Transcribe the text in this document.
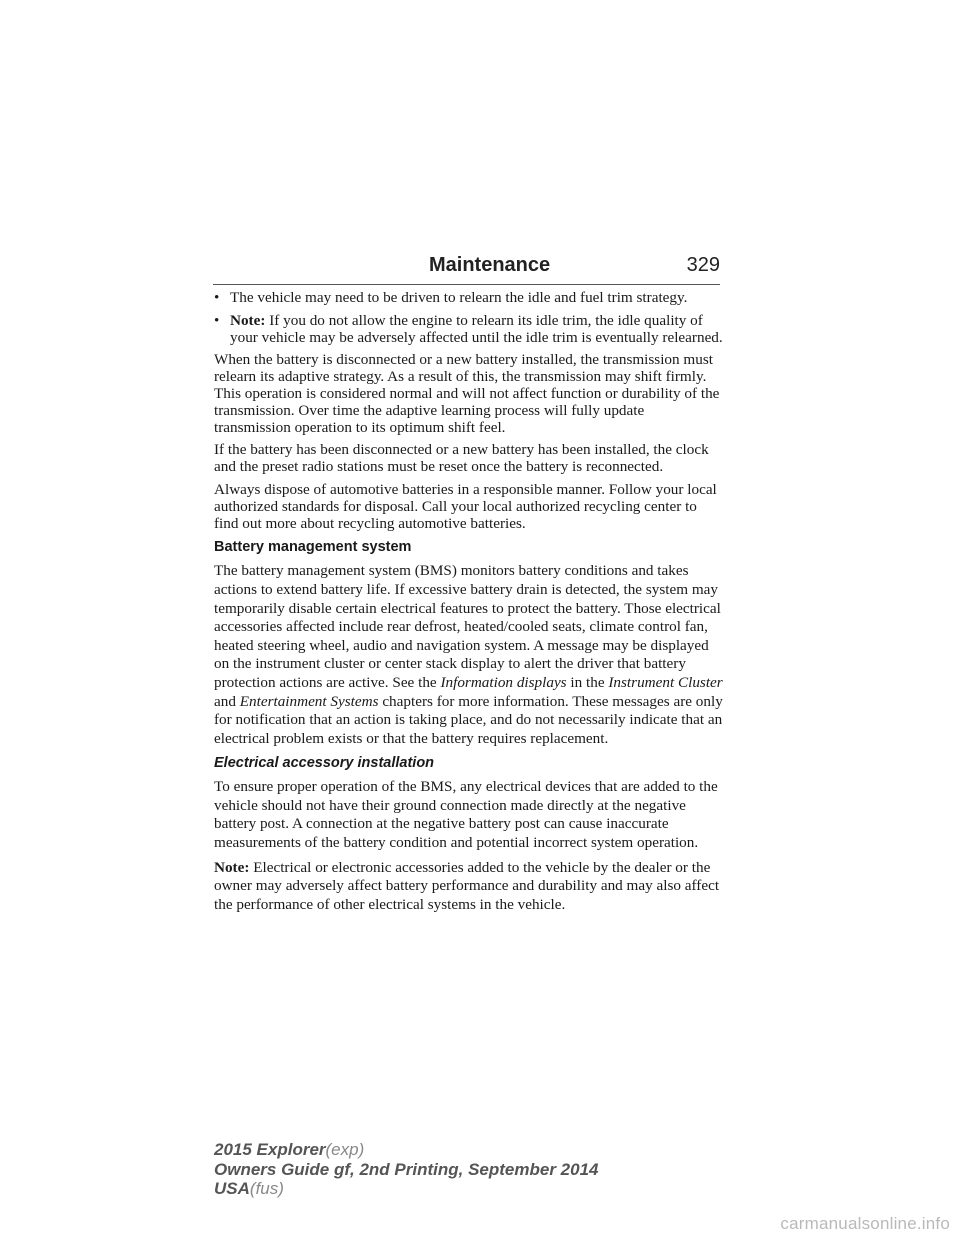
Maintenance	329
• The vehicle may need to be driven to relearn the idle and fuel trim strategy.
• Note: If you do not allow the engine to relearn its idle trim, the idle quality of your vehicle may be adversely affected until the idle trim is eventually relearned.

When the battery is disconnected or a new battery installed, the transmission must relearn its adaptive strategy. As a result of this, the transmission may shift firmly. This operation is considered normal and will not affect function or durability of the transmission. Over time the adaptive learning process will fully update transmission operation to its optimum shift feel.

If the battery has been disconnected or a new battery has been installed, the clock and the preset radio stations must be reset once the battery is reconnected.

Always dispose of automotive batteries in a responsible manner. Follow your local authorized standards for disposal. Call your local authorized recycling center to find out more about recycling automotive batteries.

Battery management system

The battery management system (BMS) monitors battery conditions and takes actions to extend battery life. If excessive battery drain is detected, the system may temporarily disable certain electrical features to protect the battery. Those electrical accessories affected include rear defrost, heated/cooled seats, climate control fan, heated steering wheel, audio and navigation system. A message may be displayed on the instrument cluster or center stack display to alert the driver that battery protection actions are active. See the Information displays in the Instrument Cluster and Entertainment Systems chapters for more information. These messages are only for notification that an action is taking place, and do not necessarily indicate that an electrical problem exists or that the battery requires replacement.

Electrical accessory installation

To ensure proper operation of the BMS, any electrical devices that are added to the vehicle should not have their ground connection made directly at the negative battery post. A connection at the negative battery post can cause inaccurate measurements of the battery condition and potential incorrect system operation.

Note: Electrical or electronic accessories added to the vehicle by the dealer or the owner may adversely affect battery performance and durability and may also affect the performance of other electrical systems in the vehicle.

2015 Explorer(exp)
Owners Guide gf, 2nd Printing, September 2014
USA(fus)
carmanualsonline.info
